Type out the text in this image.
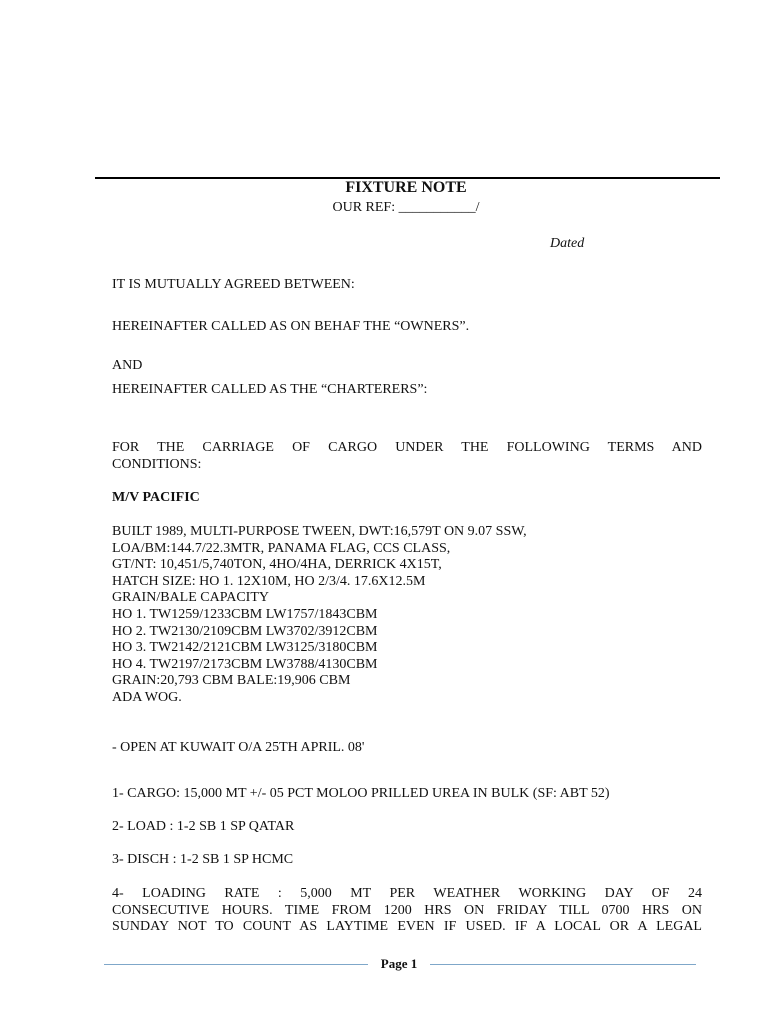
FIXTURE NOTE
OUR REF: ___________/
Dated

IT IS MUTUALLY AGREED BETWEEN:

HEREINAFTER CALLED AS ON BEHAF THE “OWNERS”.

AND

HEREINAFTER CALLED AS THE “CHARTERERS”:

FOR THE CARRIAGE OF CARGO UNDER THE FOLLOWING TERMS AND
CONDITIONS:

M/V PACIFIC

BUILT 1989, MULTI-PURPOSE TWEEN, DWT:16,579T ON 9.07 SSW,
LOA/BM:144.7/22.3MTR, PANAMA FLAG, CCS CLASS,
GT/NT: 10,451/5,740TON, 4HO/4HA, DERRICK 4X15T,
HATCH SIZE: HO 1. 12X10M, HO 2/3/4. 17.6X12.5M
GRAIN/BALE CAPACITY
HO 1. TW1259/1233CBM LW1757/1843CBM
HO 2. TW2130/2109CBM LW3702/3912CBM
HO 3. TW2142/2121CBM LW3125/3180CBM
HO 4. TW2197/2173CBM LW3788/4130CBM
GRAIN:20,793 CBM BALE:19,906 CBM
ADA WOG.

- OPEN AT KUWAIT O/A 25TH APRIL. 08'

1- CARGO: 15,000 MT +/- 05 PCT MOLOO PRILLED UREA IN BULK (SF: ABT 52)

2- LOAD : 1-2 SB 1 SP QATAR

3- DISCH : 1-2 SB 1 SP HCMC

4- LOADING RATE : 5,000 MT PER WEATHER WORKING DAY OF 24
CONSECUTIVE HOURS. TIME FROM 1200 HRS ON FRIDAY TILL 0700 HRS ON
SUNDAY NOT TO COUNT AS LAYTIME EVEN IF USED. IF A LOCAL OR A LEGAL
Page 1
